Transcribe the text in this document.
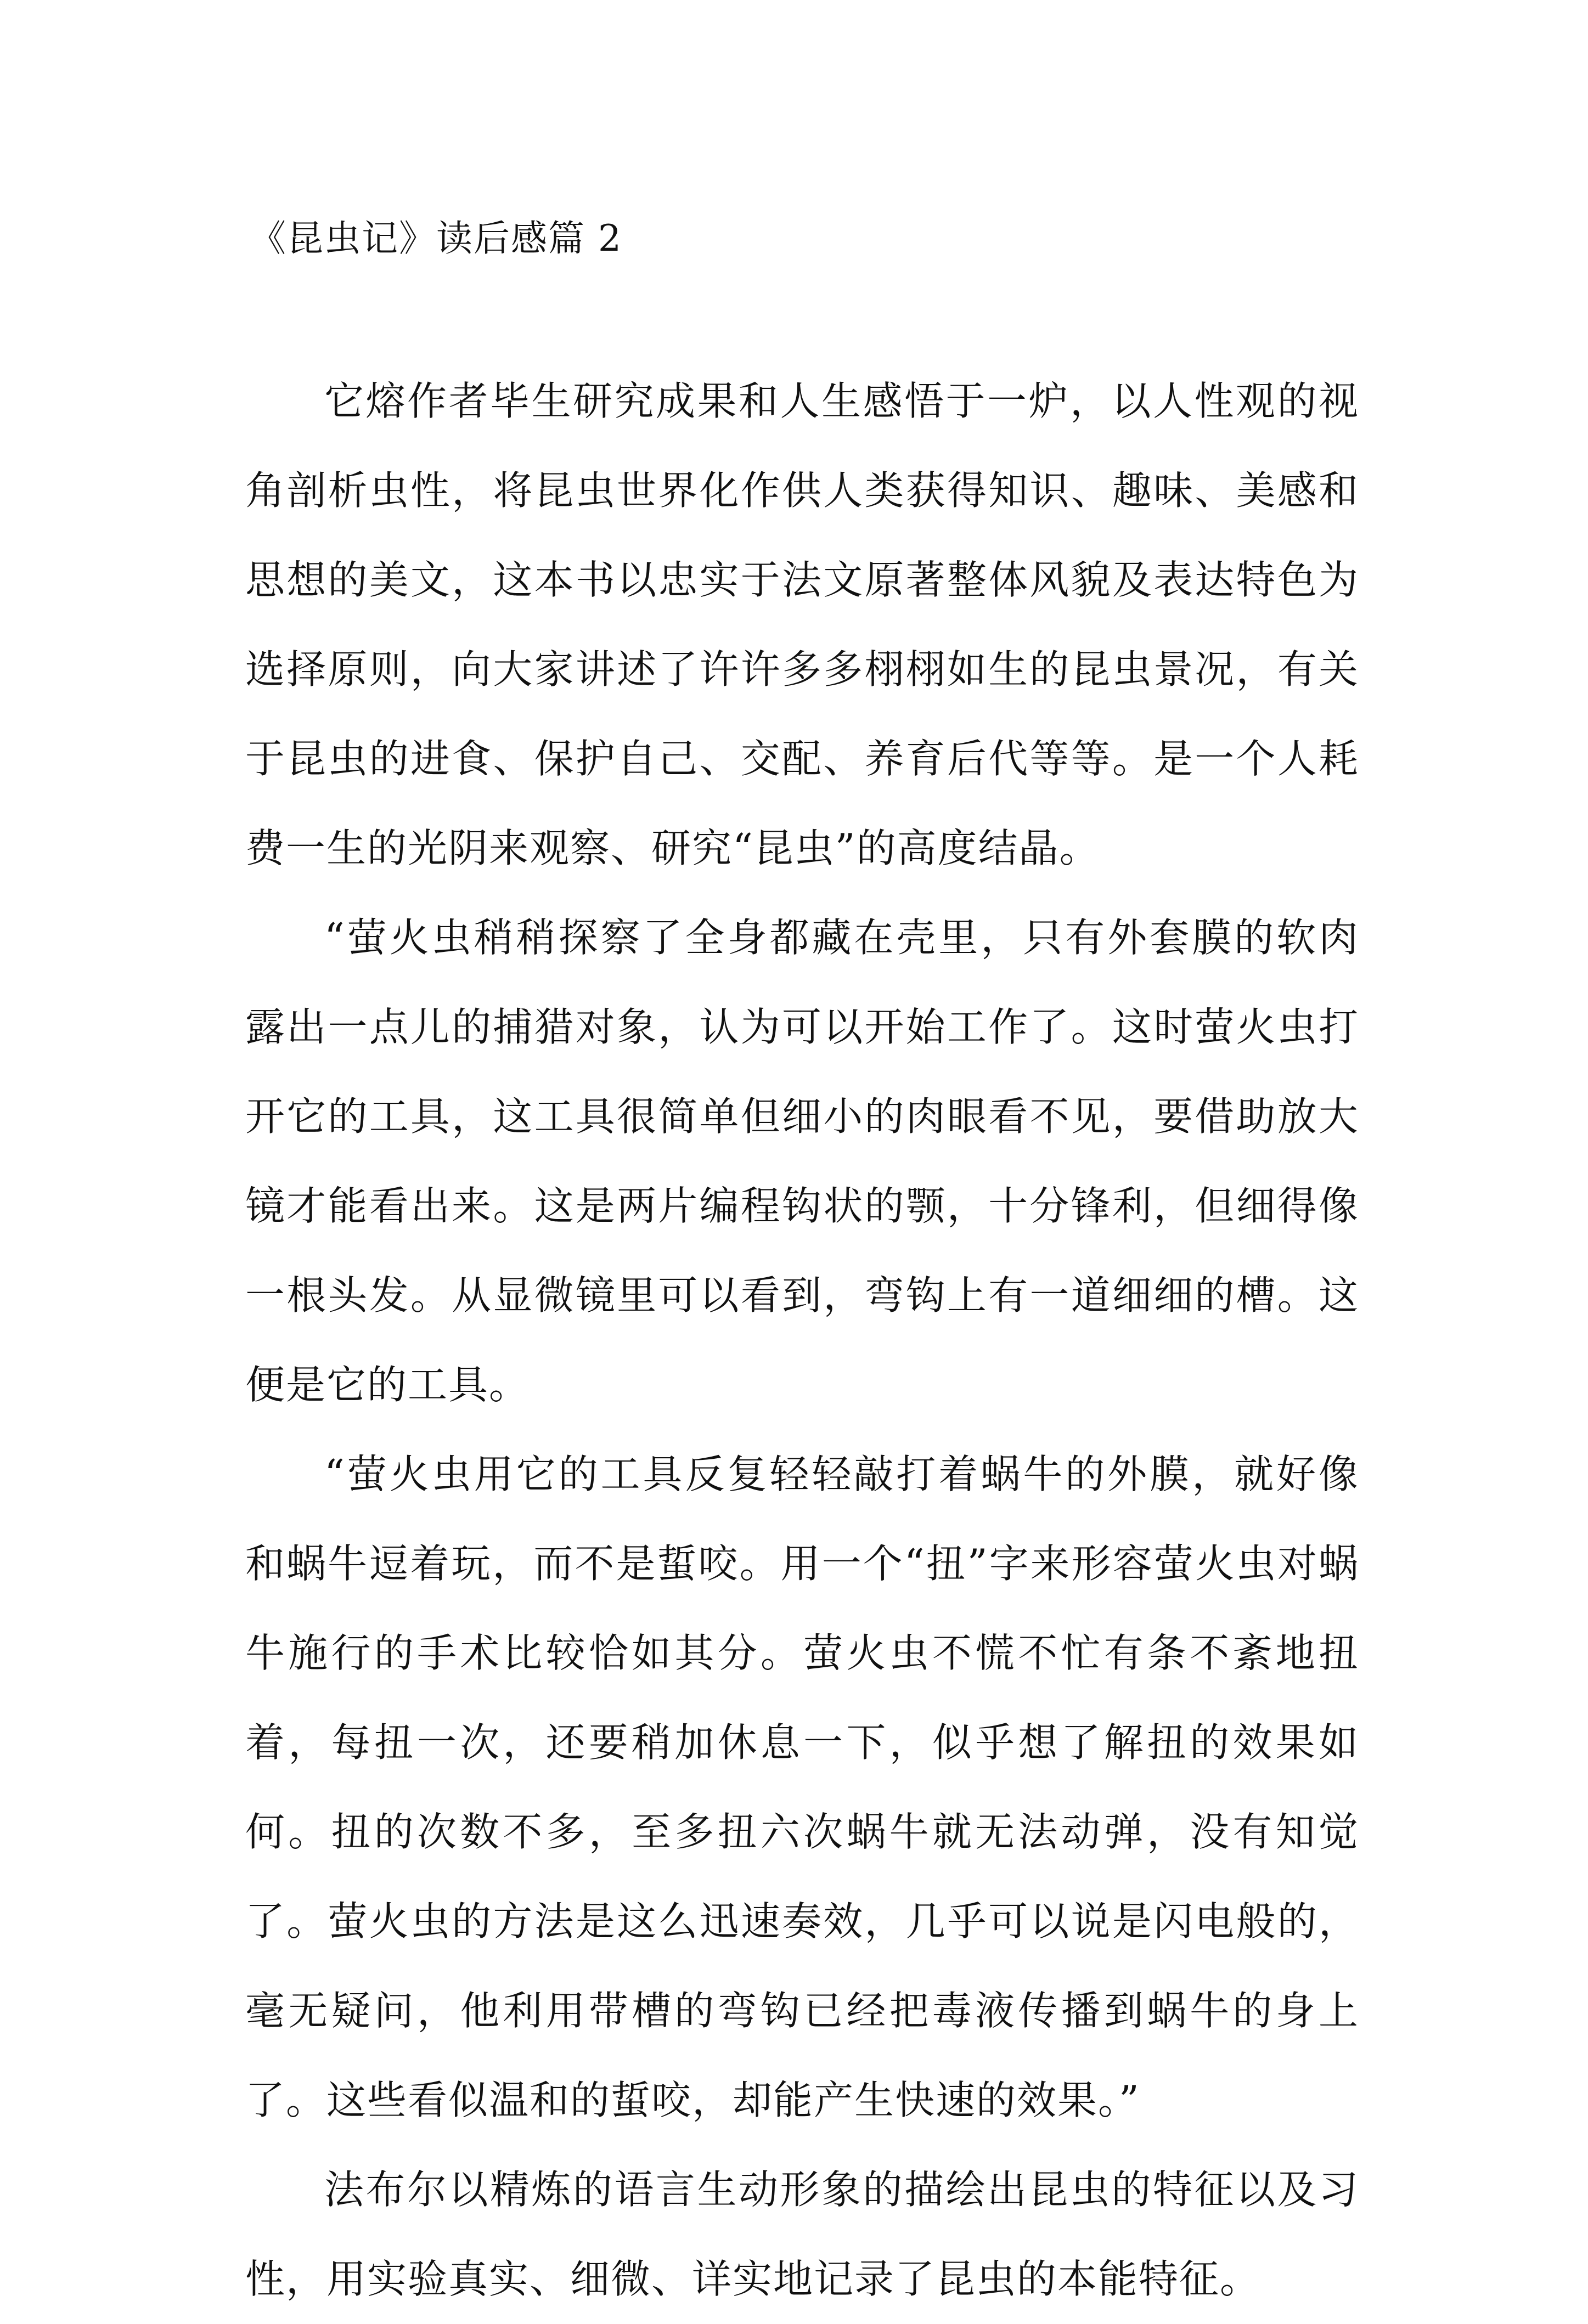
《昆虫记》读后感篇 2

它熔作者毕生研究成果和人生感悟于一炉，以人性观的视角剖析虫性，将昆虫世界化作供人类获得知识、趣味、美感和思想的美文，这本书以忠实于法文原著整体风貌及表达特色为选择原则，向大家讲述了许许多多栩栩如生的昆虫景况，有关于昆虫的进食、保护自己、交配、养育后代等等。是一个人耗费一生的光阴来观察、研究“昆虫”的高度结晶。

“萤火虫稍稍探察了全身都藏在壳里，只有外套膜的软肉露出一点儿的捕猎对象，认为可以开始工作了。这时萤火虫打开它的工具，这工具很简单但细小的肉眼看不见，要借助放大镜才能看出来。这是两片编程钩状的颚，十分锋利，但细得像一根头发。从显微镜里可以看到，弯钩上有一道细细的槽。这便是它的工具。

“萤火虫用它的工具反复轻轻敲打着蜗牛的外膜，就好像和蜗牛逗着玩，而不是蜇咬。用一个“扭”字来形容萤火虫对蜗牛施行的手术比较恰如其分。萤火虫不慌不忙有条不紊地扭着，每扭一次，还要稍加休息一下，似乎想了解扭的效果如何。扭的次数不多，至多扭六次蜗牛就无法动弹，没有知觉了。萤火虫的方法是这么迅速奏效，几乎可以说是闪电般的，毫无疑问，他利用带槽的弯钩已经把毒液传播到蜗牛的身上了。这些看似温和的蜇咬，却能产生快速的效果。”

法布尔以精炼的语言生动形象的描绘出昆虫的特征以及习性，用实验真实、细微、详实地记录了昆虫的本能特征。
